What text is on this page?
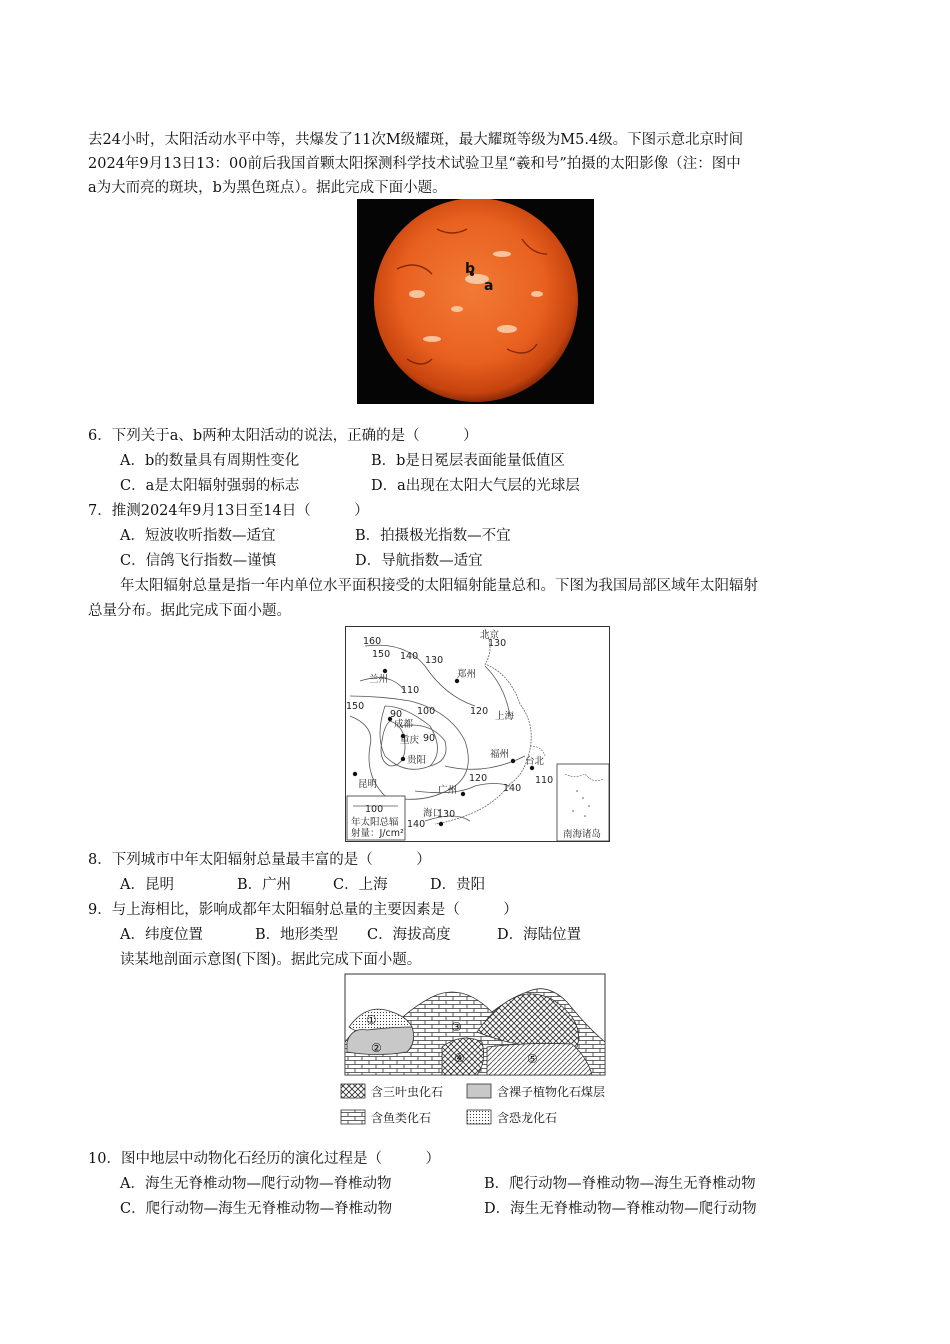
去24小时，太阳活动水平中等，共爆发了11次M级耀斑，最大耀斑等级为M5.4级。下图示意北京时间
2024年9月13日13：00前后我国首颗太阳探测科学技术试验卫星“羲和号”拍摄的太阳影像（注：图中
a为大而亮的斑块，b为黑色斑点）。据此完成下面小题。
b
a
6．下列关于a、b两种太阳活动的说法，正确的是（　　　）
A．b的数量具有周期性变化	B．b是日冕层表面能量低值区
C．a是太阳辐射强弱的标志	D．a出现在太阳大气层的光球层
7．推测2024年9月13日至14日（　　　）
A．短波收听指数—适宜	B．拍摄极光指数—不宜
C．信鸽飞行指数—谨慎	D．导航指数—适宜
年太阳辐射总量是指一年内单位水平面积接受的太阳辐射能量总和。下图为我国局部区域年太阳辐射
总量分布。据此完成下面小题。
南海诸岛
100
年太阳总辐
射量：J/cm²
北京
郑州
兰州
成都
重庆
贵阳
昆明
上海
福州
台北
广州
海口
160
150 140 130
130
150
110
100
90
90
120
120	110
140
130
140
8．下列城市中年太阳辐射总量最丰富的是（　　　）
A．昆明	B．广州	C．上海	D．贵阳
9．与上海相比，影响成都年太阳辐射总量的主要因素是（　　　）
A．纬度位置	B．地形类型 C．海拔高度	D．海陆位置
读某地剖面示意图(下图)。据此完成下面小题。
①
②
③
④	⑤
含三叶虫化石	含裸子植物化石煤层
含鱼类化石	含恐龙化石
10．图中地层中动物化石经历的演化过程是（　　　）
A．海生无脊椎动物—爬行动物—脊椎动物	B．爬行动物—脊椎动物—海生无脊椎动物
C．爬行动物—海生无脊椎动物—脊椎动物	D．海生无脊椎动物—脊椎动物—爬行动物
